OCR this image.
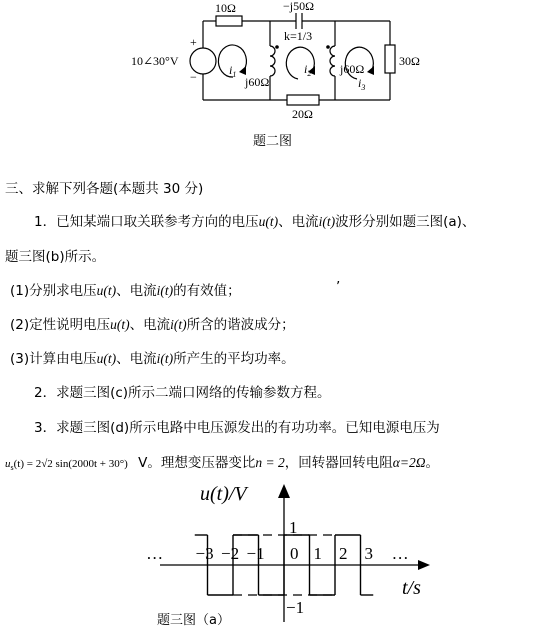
10Ω	−j50Ω
k=1/3
10∠30°V
+
−	$i_1$
j60Ω
$i_2$ j60Ω
$i_3$
30Ω
20Ω
题二图
三、求解下列各题(本题共 30 分)
1．已知某端口取关联参考方向的电压u(t)、电流i(t)波形分别如题三图(a)、
题三图(b)所示。
(1)分别求电压u(t)、电流i(t)的有效值；	’
(2)定性说明电压u(t)、电流i(t)所含的谐波成分；
(3)计算由电压u(t)、电流i(t)所产生的平均功率。
2．求题三图(c)所示二端口网络的传输参数方程。
3．求题三图(d)所示电路中电压源发出的有功功率。已知电源电压为
$u_s(t) = 2√2$ sin(2000t + 30°) V。理想变压器变比n = 2，回转器回转电阻α=2Ω。
… −3 −2 −1 0 1 2 3 …
1
−1
u(t)/V
t/s
题三图（a）
